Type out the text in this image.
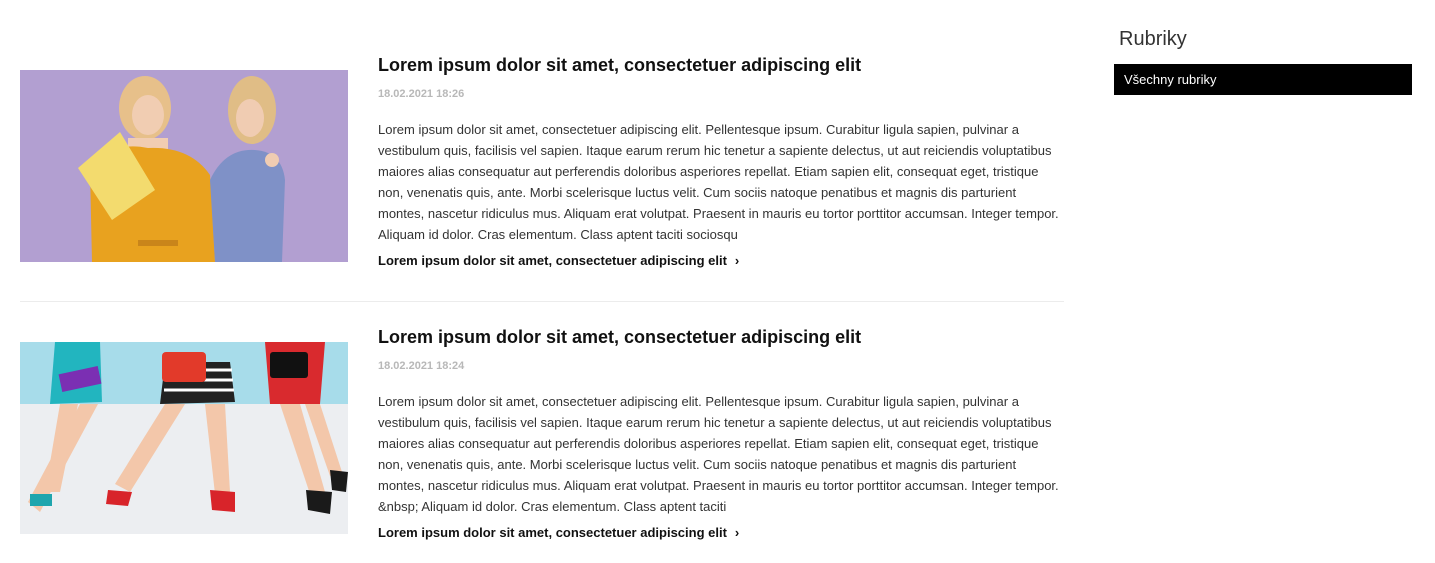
Lorem ipsum dolor sit amet, consectetuer adipiscing elit
18.02.2021 18:26
Lorem ipsum dolor sit amet, consectetuer adipiscing elit. Pellentesque ipsum. Curabitur ligula sapien, pulvinar a vestibulum quis, facilisis vel sapien. Itaque earum rerum hic tenetur a sapiente delectus, ut aut reiciendis voluptatibus maiores alias consequatur aut perferendis doloribus asperiores repellat. Etiam sapien elit, consequat eget, tristique non, venenatis quis, ante. Morbi scelerisque luctus velit. Cum sociis natoque penatibus et magnis dis parturient montes, nascetur ridiculus mus. Aliquam erat volutpat. Praesent in mauris eu tortor porttitor accumsan. Integer tempor. Aliquam id dolor. Cras elementum. Class aptent taciti sociosqu
Lorem ipsum dolor sit amet, consectetuer adipiscing elit ›
Lorem ipsum dolor sit amet, consectetuer adipiscing elit
18.02.2021 18:24
Lorem ipsum dolor sit amet, consectetuer adipiscing elit. Pellentesque ipsum. Curabitur ligula sapien, pulvinar a vestibulum quis, facilisis vel sapien. Itaque earum rerum hic tenetur a sapiente delectus, ut aut reiciendis voluptatibus maiores alias consequatur aut perferendis doloribus asperiores repellat. Etiam sapien elit, consequat eget, tristique non, venenatis quis, ante. Morbi scelerisque luctus velit. Cum sociis natoque penatibus et magnis dis parturient montes, nascetur ridiculus mus. Aliquam erat volutpat. Praesent in mauris eu tortor porttitor accumsan. Integer tempor. &nbsp; Aliquam id dolor. Cras elementum. Class aptent taciti
Lorem ipsum dolor sit amet, consectetuer adipiscing elit ›
Rubriky
Všechny rubriky
